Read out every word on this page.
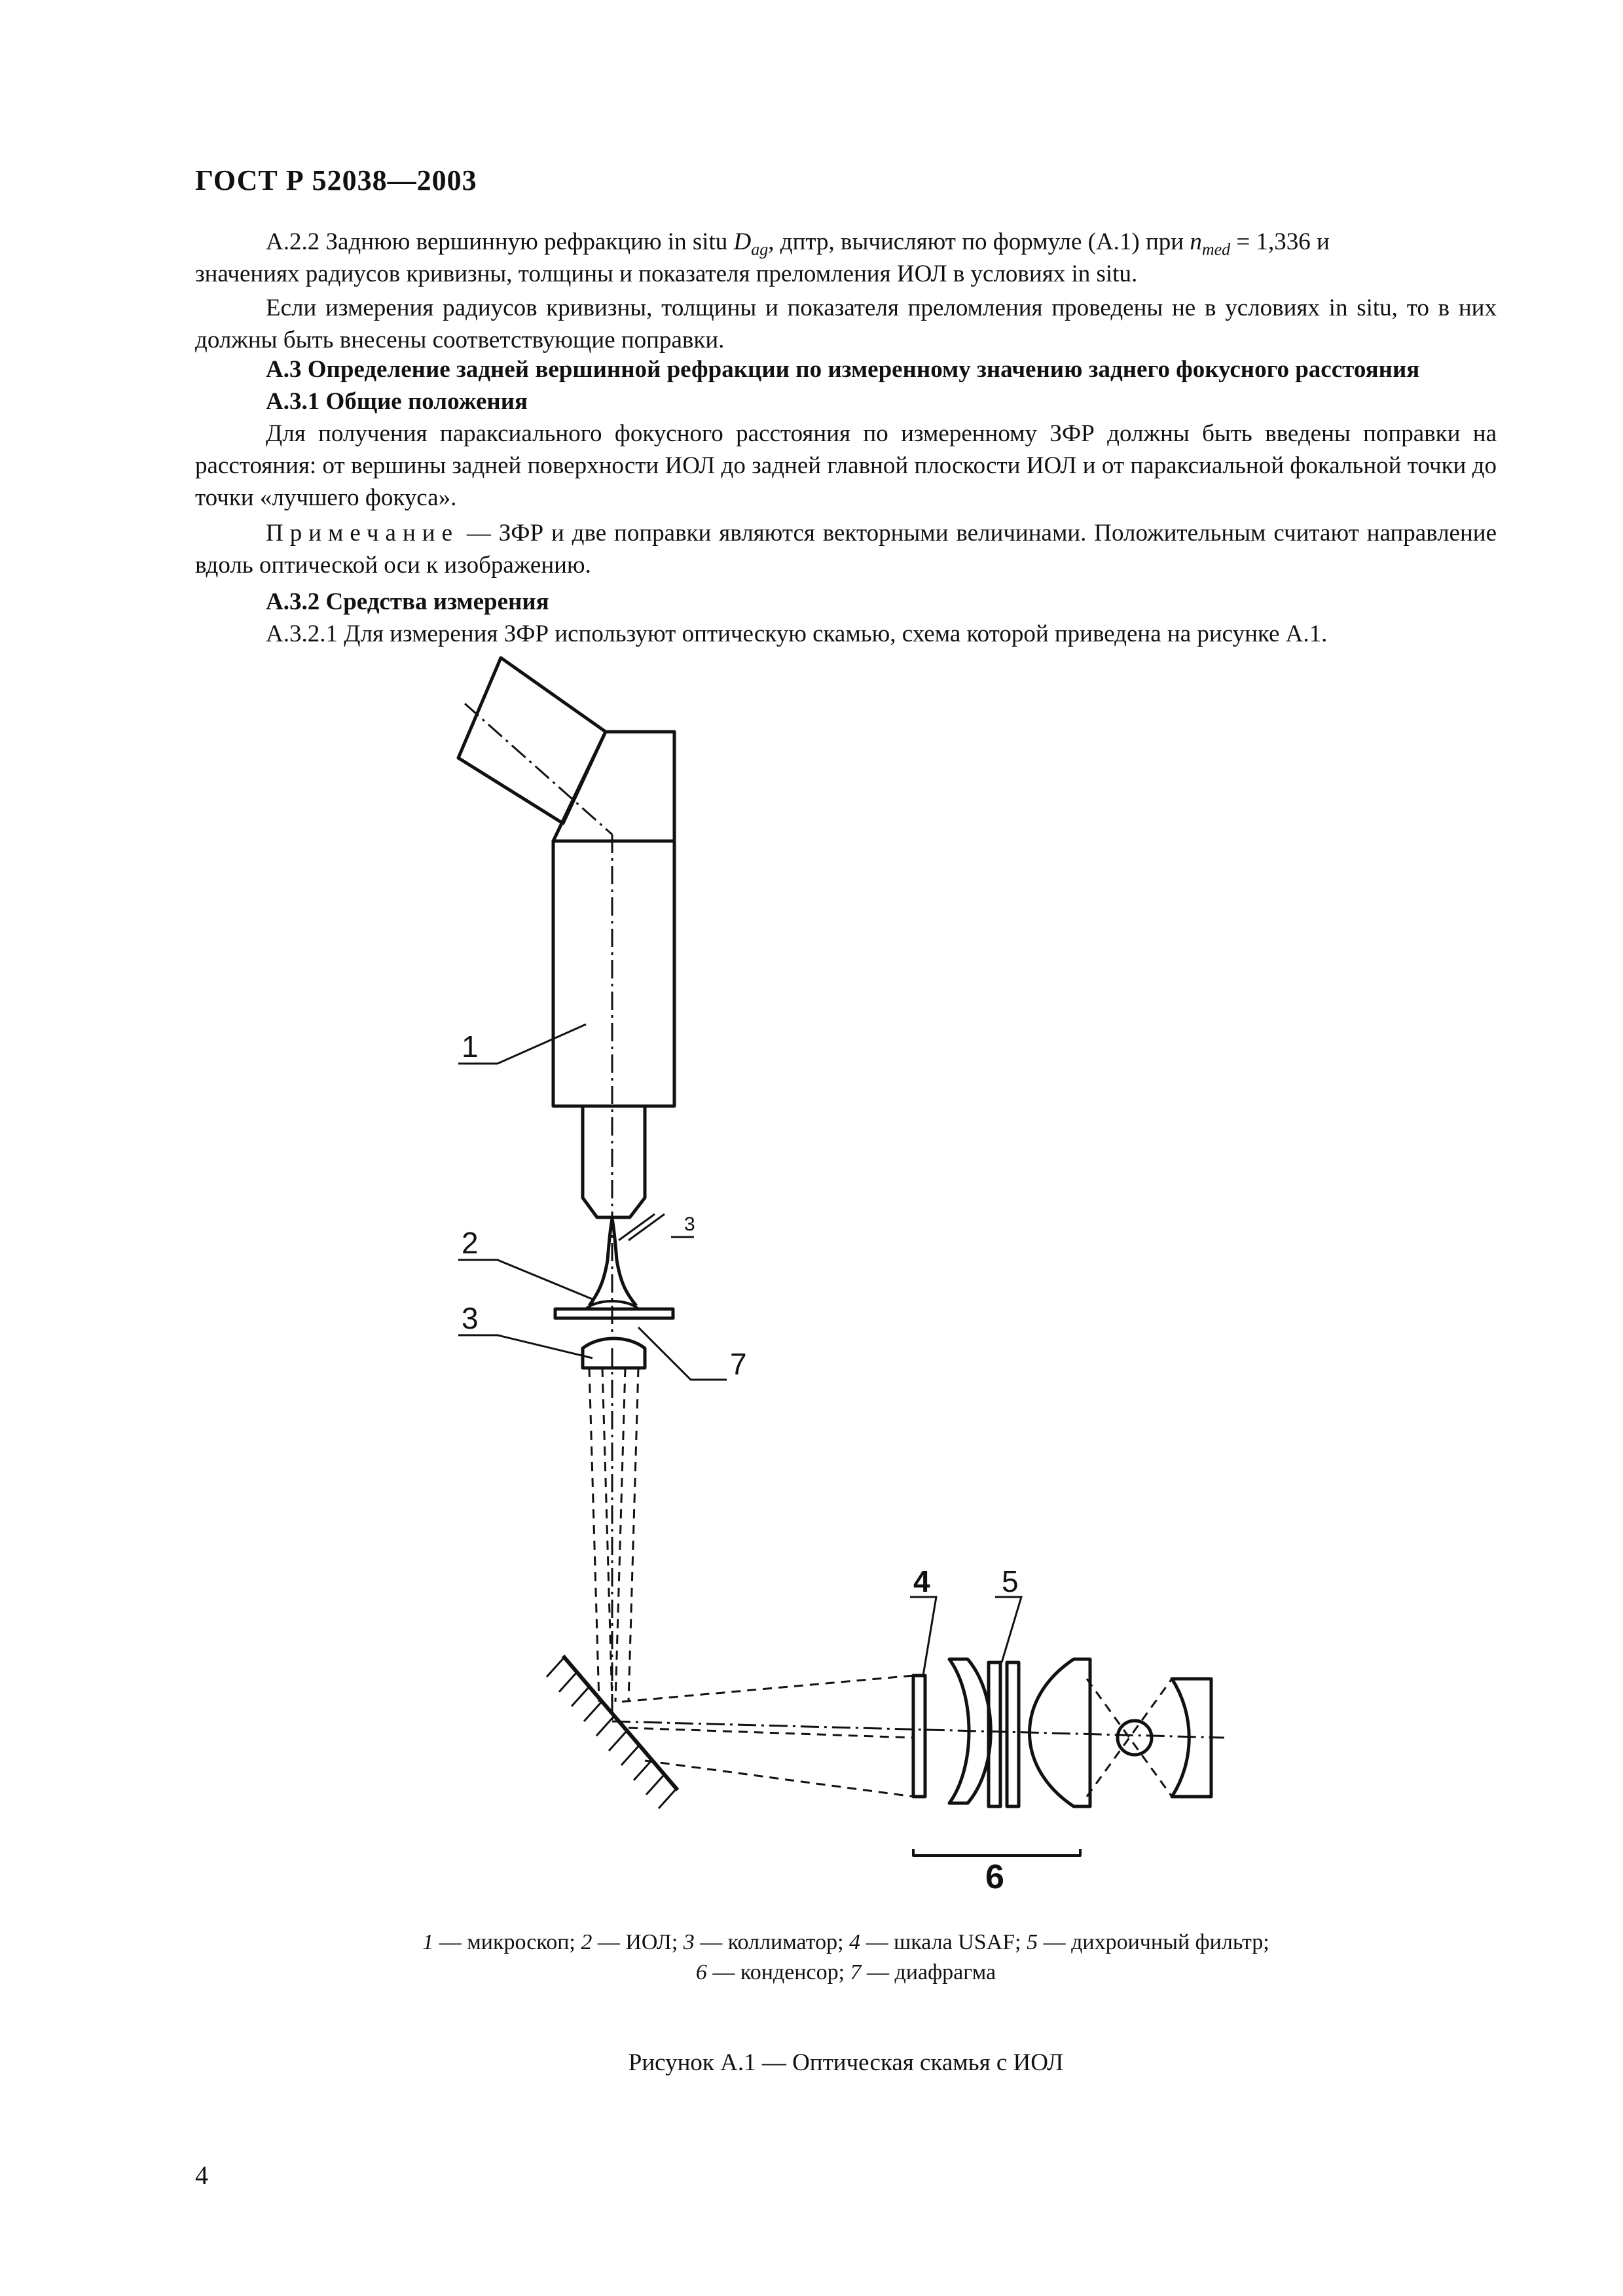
ГОСТ Р 52038—2003
А.2.2 Заднюю вершинную рефракцию in situ $D_{ag}$, дптр, вычисляют по формуле (А.1) при $n_{med} = 1,336$ и
значениях радиусов кривизны, толщины и показателя преломления ИОЛ в условиях in situ.
Если измерения радиусов кривизны, толщины и показателя преломления проведены не в условиях in situ, то в них должны быть внесены соответствующие поправки.
А.3 Определение задней вершинной рефракции по измеренному значению заднего фокусного расстояния
А.3.1 Общие положения
Для получения параксиального фокусного расстояния по измеренному ЗФР должны быть введены поправки на расстояния: от вершины задней поверхности ИОЛ до задней главной плоскости ИОЛ и от параксиальной фокальной точки до точки «лучшего фокуса».
Примечание — ЗФР и две поправки являются векторными величинами. Положительным считают направление вдоль оптической оси к изображению.
А.3.2 Средства измерения
А.3.2.1 Для измерения ЗФР используют оптическую скамью, схема которой приведена на рисунке А.1.
1
2
3
3
7
4 5
6
1 — микроскоп; 2 — ИОЛ; 3 — коллиматор; 4 — шкала USAF; 5 — дихроичный фильтр;
6 — конденсор; 7 — диафрагма
Рисунок А.1 — Оптическая скамья с ИОЛ
4
